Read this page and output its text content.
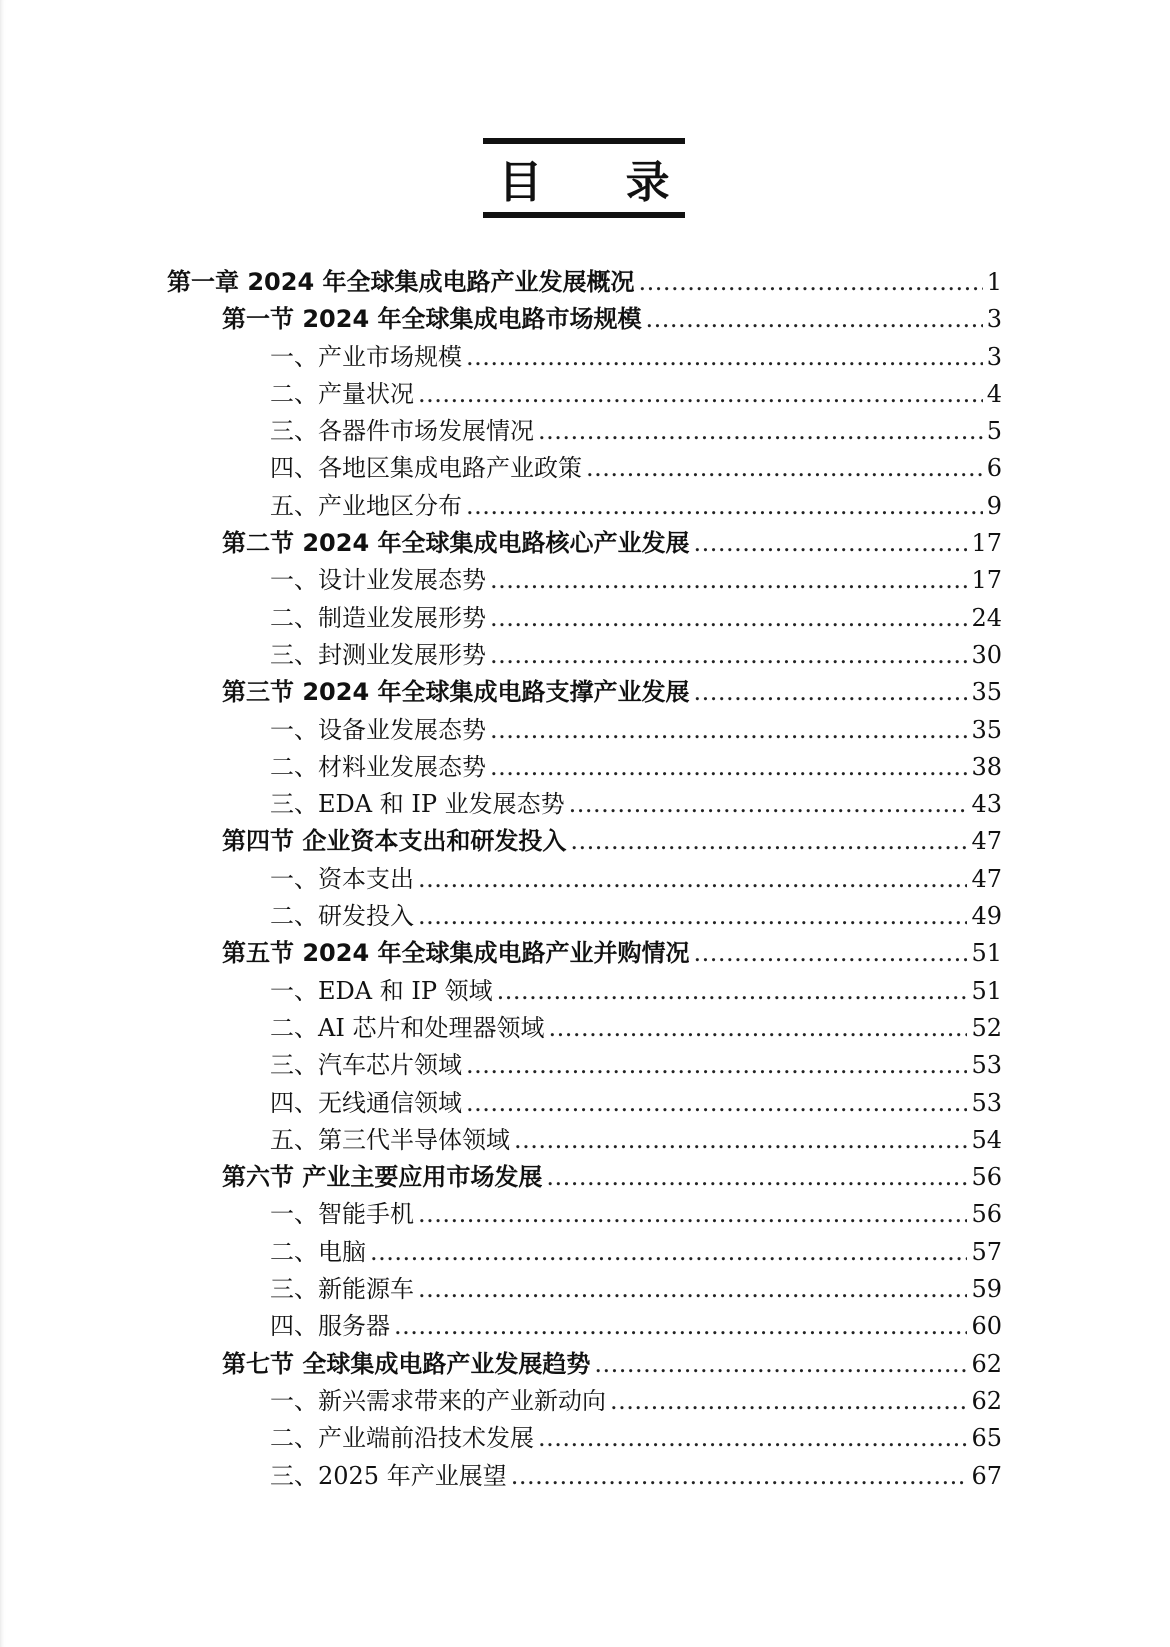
目 录
第一章 2024 年全球集成电路产业发展概况 .....	1
第一节 2024 年全球集成电路市场规模 .....	3
一、产业市场规模 .....	3
二、产量状况 .....	4
三、各器件市场发展情况 .....	5
四、各地区集成电路产业政策 .....	6
五、产业地区分布 .....	9
第二节 2024 年全球集成电路核心产业发展 .....	17
一、设计业发展态势 .....	17
二、制造业发展形势 .....	24
三、封测业发展形势 .....	30
第三节 2024 年全球集成电路支撑产业发展 .....	35
一、设备业发展态势 .....	35
二、材料业发展态势 .....	38
三、EDA 和 IP 业发展态势 .....	43
第四节 企业资本支出和研发投入 .....	47
一、资本支出 .....	47
二、研发投入 .....	49
第五节 2024 年全球集成电路产业并购情况 .....	51
一、EDA 和 IP 领域 .....	51
二、AI 芯片和处理器领域 .....	52
三、汽车芯片领域 .....	53
四、无线通信领域 .....	53
五、第三代半导体领域 .....	54
第六节 产业主要应用市场发展 .....	56
一、智能手机 .....	56
二、电脑 .....	57
三、新能源车 .....	59
四、服务器 .....	60
第七节 全球集成电路产业发展趋势 .....	62
一、新兴需求带来的产业新动向 .....	62
二、产业端前沿技术发展 .....	65
三、2025 年产业展望 .....	67
